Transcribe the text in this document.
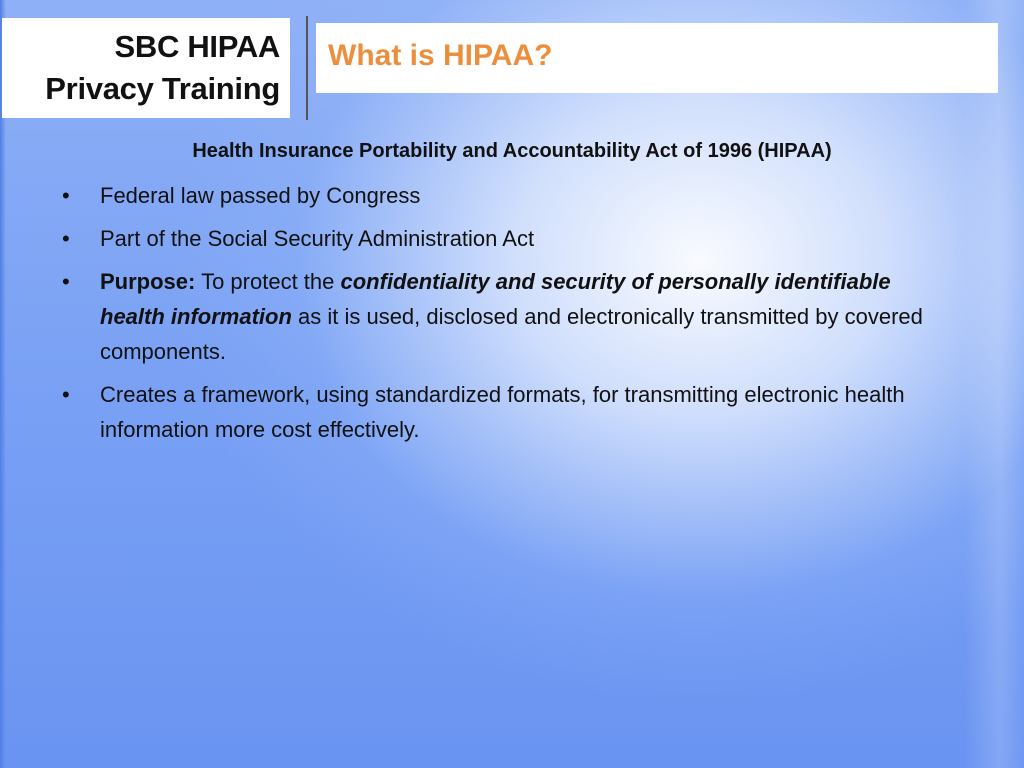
SBC HIPAA
Privacy Training
What is HIPAA?
Health Insurance Portability and Accountability Act of 1996 (HIPAA)
•	Federal law passed by Congress
•	Part of the Social Security Administration Act
•	Purpose: To protect the confidentiality and security of personally identifiable health information as it is used, disclosed and electronically transmitted by covered components.
•	Creates a framework, using standardized formats, for transmitting electronic health information more cost effectively.
